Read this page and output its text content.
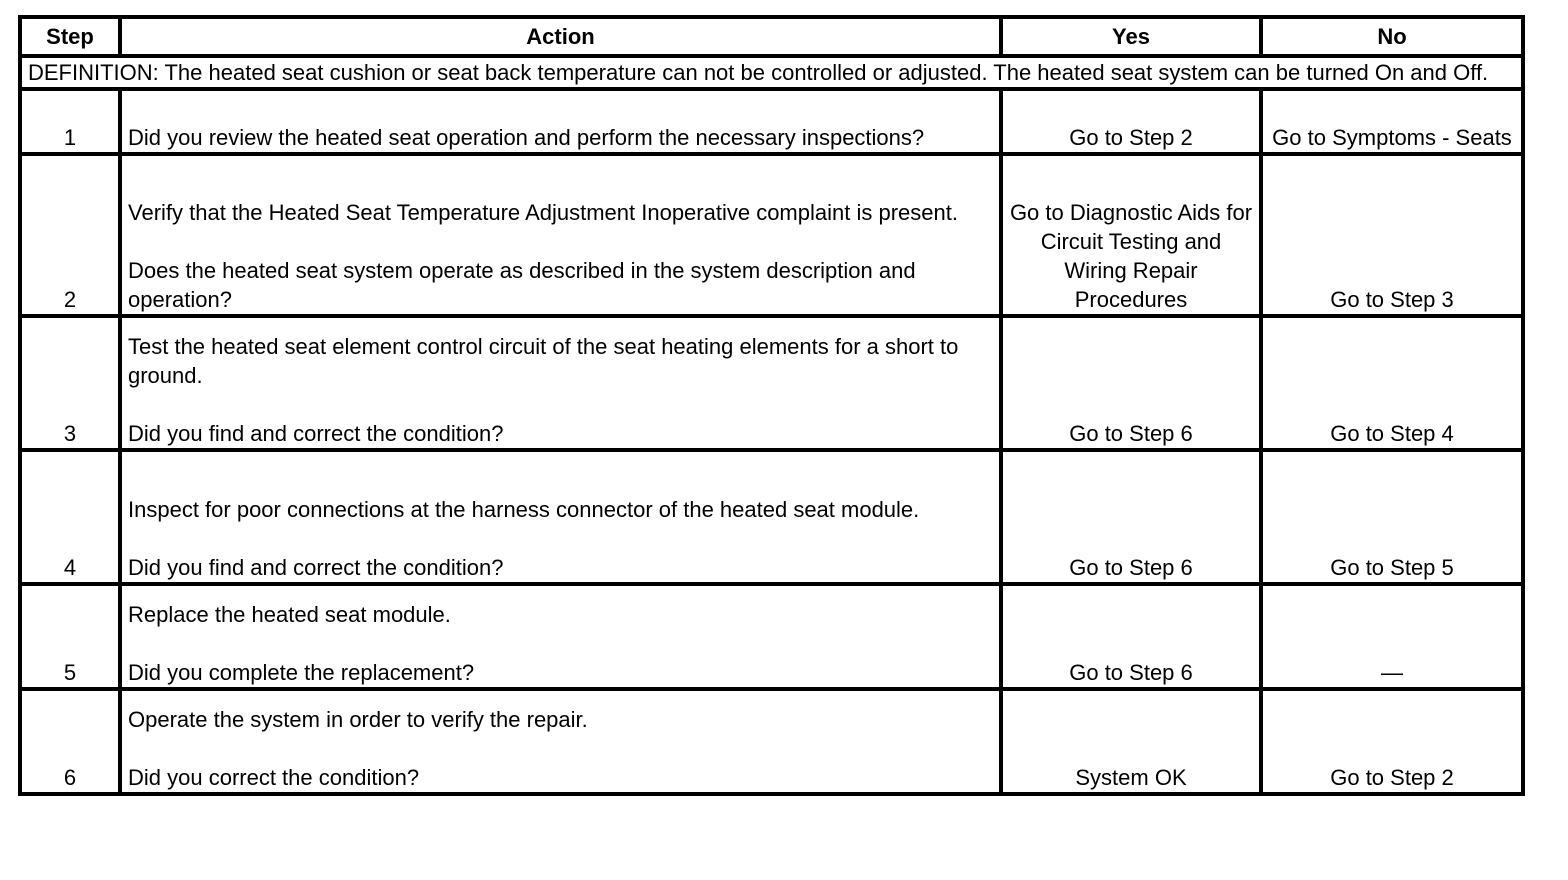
Step	Action	Yes	No
DEFINITION: The heated seat cushion or seat back temperature can not be controlled or adjusted. The heated seat system can be turned On and Off.			
1	Did you review the heated seat operation and perform the necessary inspections?	Go to Step 2	Go to Symptoms - Seats
2	Verify that the Heated Seat Temperature Adjustment Inoperative complaint is present.
Does the heated seat system operate as described in the system description and operation?	Go to Diagnostic Aids for Circuit Testing and Wiring Repair Procedures	Go to Step 3
3	Test the heated seat element control circuit of the seat heating elements for a short to ground.
Did you find and correct the condition?	Go to Step 6	Go to Step 4
4	Inspect for poor connections at the harness connector of the heated seat module.
Did you find and correct the condition?	Go to Step 6	Go to Step 5
5	Replace the heated seat module.
Did you complete the replacement?	Go to Step 6	—
6	Operate the system in order to verify the repair.
Did you correct the condition?	System OK	Go to Step 2
